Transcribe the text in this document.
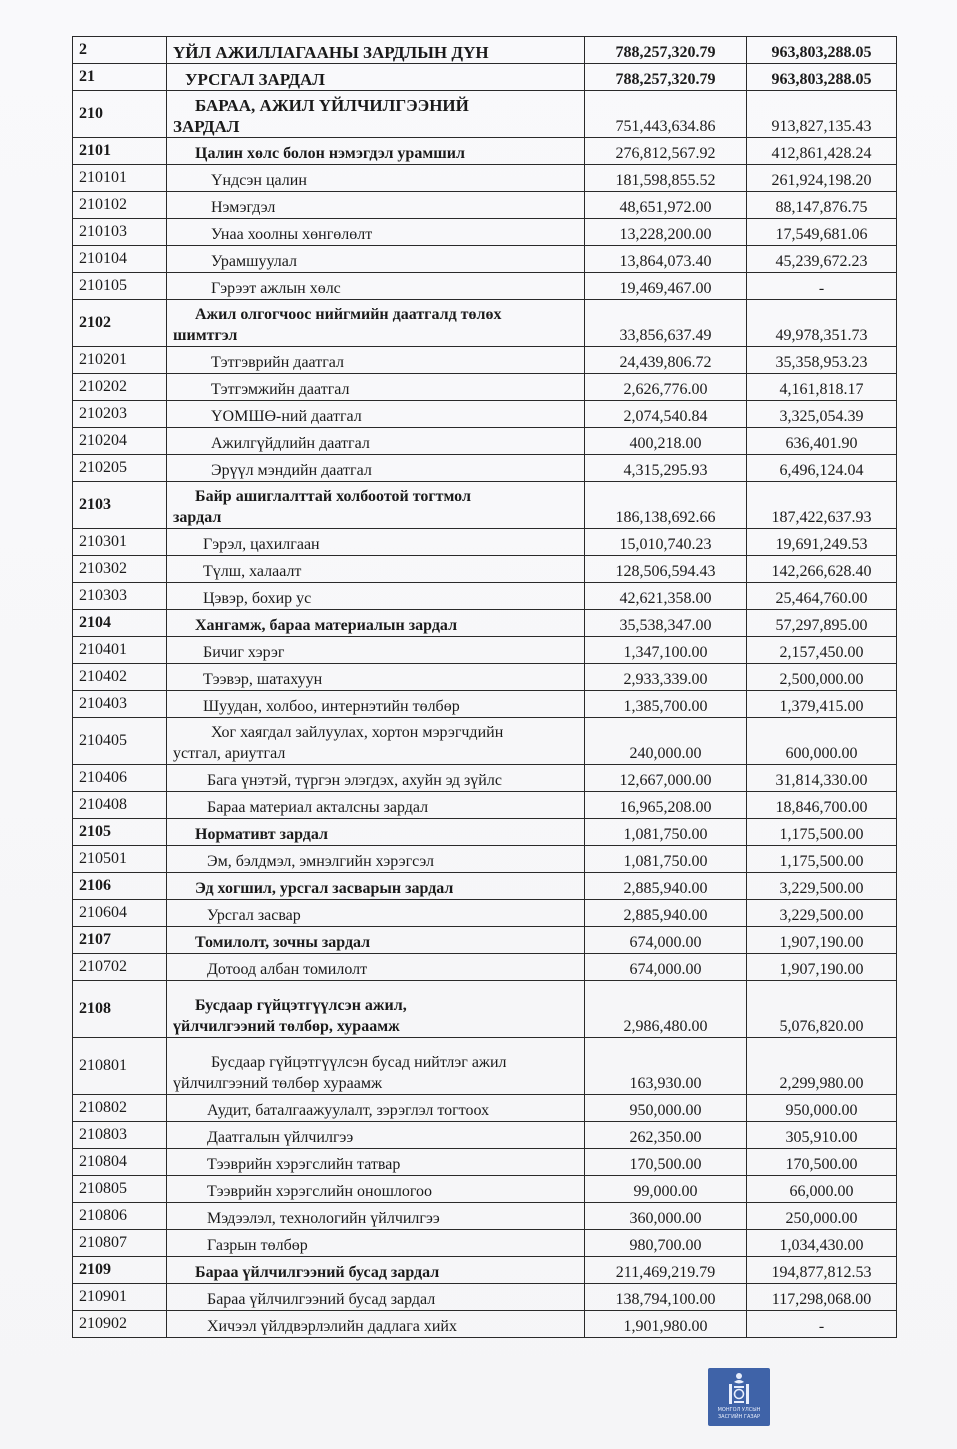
2	ҮЙЛ АЖИЛЛАГААНЫ ЗАРДЛЫН ДҮН	788,257,320.79	963,803,288.05
21	УРСГАЛ ЗАРДАЛ	788,257,320.79	963,803,288.05
210	БАРАА, АЖИЛ ҮЙЛЧИЛГЭЭНИЙ
ЗАРДАЛ	751,443,634.86	913,827,135.43
2101	Цалин хөлс болон нэмэгдэл урамшил	276,812,567.92	412,861,428.24
210101	Үндсэн цалин	181,598,855.52	261,924,198.20
210102	Нэмэгдэл	48,651,972.00	88,147,876.75
210103	Унаа хоолны хөнгөлөлт	13,228,200.00	17,549,681.06
210104	Урамшуулал	13,864,073.40	45,239,672.23
210105	Гэрээт ажлын хөлс	19,469,467.00	-
2102	Ажил олгогчоос нийгмийн даатгалд төлөх
шимтгэл	33,856,637.49	49,978,351.73
210201	Тэтгэврийн даатгал	24,439,806.72	35,358,953.23
210202	Тэтгэмжийн даатгал	2,626,776.00	4,161,818.17
210203	ҮОМШӨ-ний даатгал	2,074,540.84	3,325,054.39
210204	Ажилгүйдлийн даатгал	400,218.00	636,401.90
210205	Эрүүл мэндийн даатгал	4,315,295.93	6,496,124.04
2103	Байр ашиглалттай холбоотой тогтмол
зардал	186,138,692.66	187,422,637.93
210301	Гэрэл, цахилгаан	15,010,740.23	19,691,249.53
210302	Түлш, халаалт	128,506,594.43	142,266,628.40
210303	Цэвэр, бохир ус	42,621,358.00	25,464,760.00
2104	Хангамж, бараа материалын зардал	35,538,347.00	57,297,895.00
210401	Бичиг хэрэг	1,347,100.00	2,157,450.00
210402	Тээвэр, шатахуун	2,933,339.00	2,500,000.00
210403	Шуудан, холбоо, интернэтийн төлбөр	1,385,700.00	1,379,415.00
210405	Хог хаягдал зайлуулах, хортон мэрэгчдийн
устгал, ариутгал	240,000.00	600,000.00
210406	Бага үнэтэй, түргэн элэгдэх, ахуйн эд зүйлс	12,667,000.00	31,814,330.00
210408	Бараа материал акталсны зардал	16,965,208.00	18,846,700.00
2105	Нормативт зардал	1,081,750.00	1,175,500.00
210501	Эм, бэлдмэл, эмнэлгийн хэрэгсэл	1,081,750.00	1,175,500.00
2106	Эд хогшил, урсгал засварын зардал	2,885,940.00	3,229,500.00
210604	Урсгал засвар	2,885,940.00	3,229,500.00
2107	Томилолт, зочны зардал	674,000.00	1,907,190.00
210702	Дотоод албан томилолт	674,000.00	1,907,190.00
2108	Бусдаар гүйцэтгүүлсэн ажил,
үйлчилгээний төлбөр, хураамж	2,986,480.00	5,076,820.00
210801	Бусдаар гүйцэтгүүлсэн бусад нийтлэг ажил
үйлчилгээний төлбөр хураамж	163,930.00	2,299,980.00
210802	Аудит, баталгаажуулалт, зэрэглэл тогтоох	950,000.00	950,000.00
210803	Даатгалын үйлчилгээ	262,350.00	305,910.00
210804	Тээврийн хэрэгслийн татвар	170,500.00	170,500.00
210805	Тээврийн хэрэгслийн оношлогоо	99,000.00	66,000.00
210806	Мэдээлэл, технологийн үйлчилгээ	360,000.00	250,000.00
210807	Газрын төлбөр	980,700.00	1,034,430.00
2109	Бараа үйлчилгээний бусад зардал	211,469,219.79	194,877,812.53
210901	Бараа үйлчилгээний бусад зардал	138,794,100.00	117,298,068.00
210902	Хичээл үйлдвэрлэлийн дадлага хийх	1,901,980.00	-
МОНГОЛ УЛСЫН
ЗАСГИЙН ГАЗАР
